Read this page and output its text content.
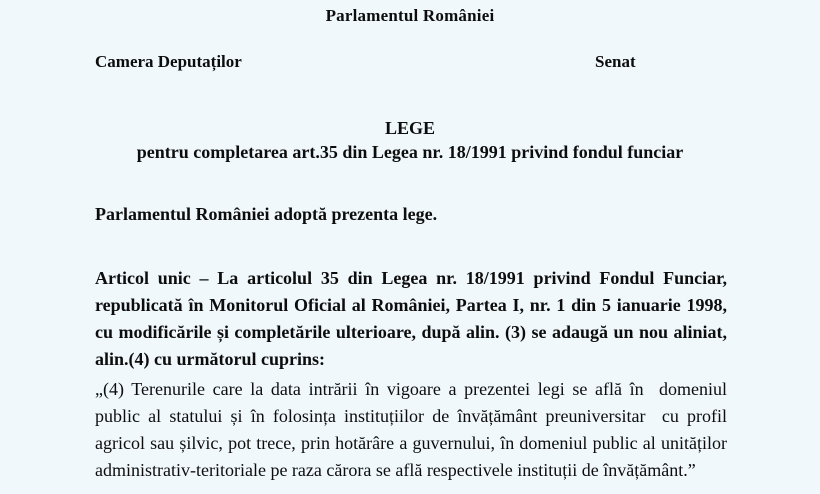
Parlamentul României
Camera Deputaților	Senat
LEGE
pentru completarea art.35 din Legea nr. 18/1991 privind fondul funciar
Parlamentul României adoptă prezenta lege.
Articol unic – La articolul 35 din Legea nr. 18/1991 privind Fondul Funciar, republicată în Monitorul Oficial al României, Partea I, nr. 1 din 5 ianuarie 1998, cu modificările și completările ulterioare, după alin. (3) se adaugă un nou aliniat, alin.(4) cu următorul cuprins:
„(4) Terenurile care la data intrării în vigoare a prezentei legi se află în  domeniul public al statului și în folosința instituțiilor de învățământ preuniversitar  cu profil agricol sau șilvic, pot trece, prin hotărâre a guvernului, în domeniul public al unităților administrativ-teritoriale pe raza cărora se află respectivele instituții de învățământ.”
